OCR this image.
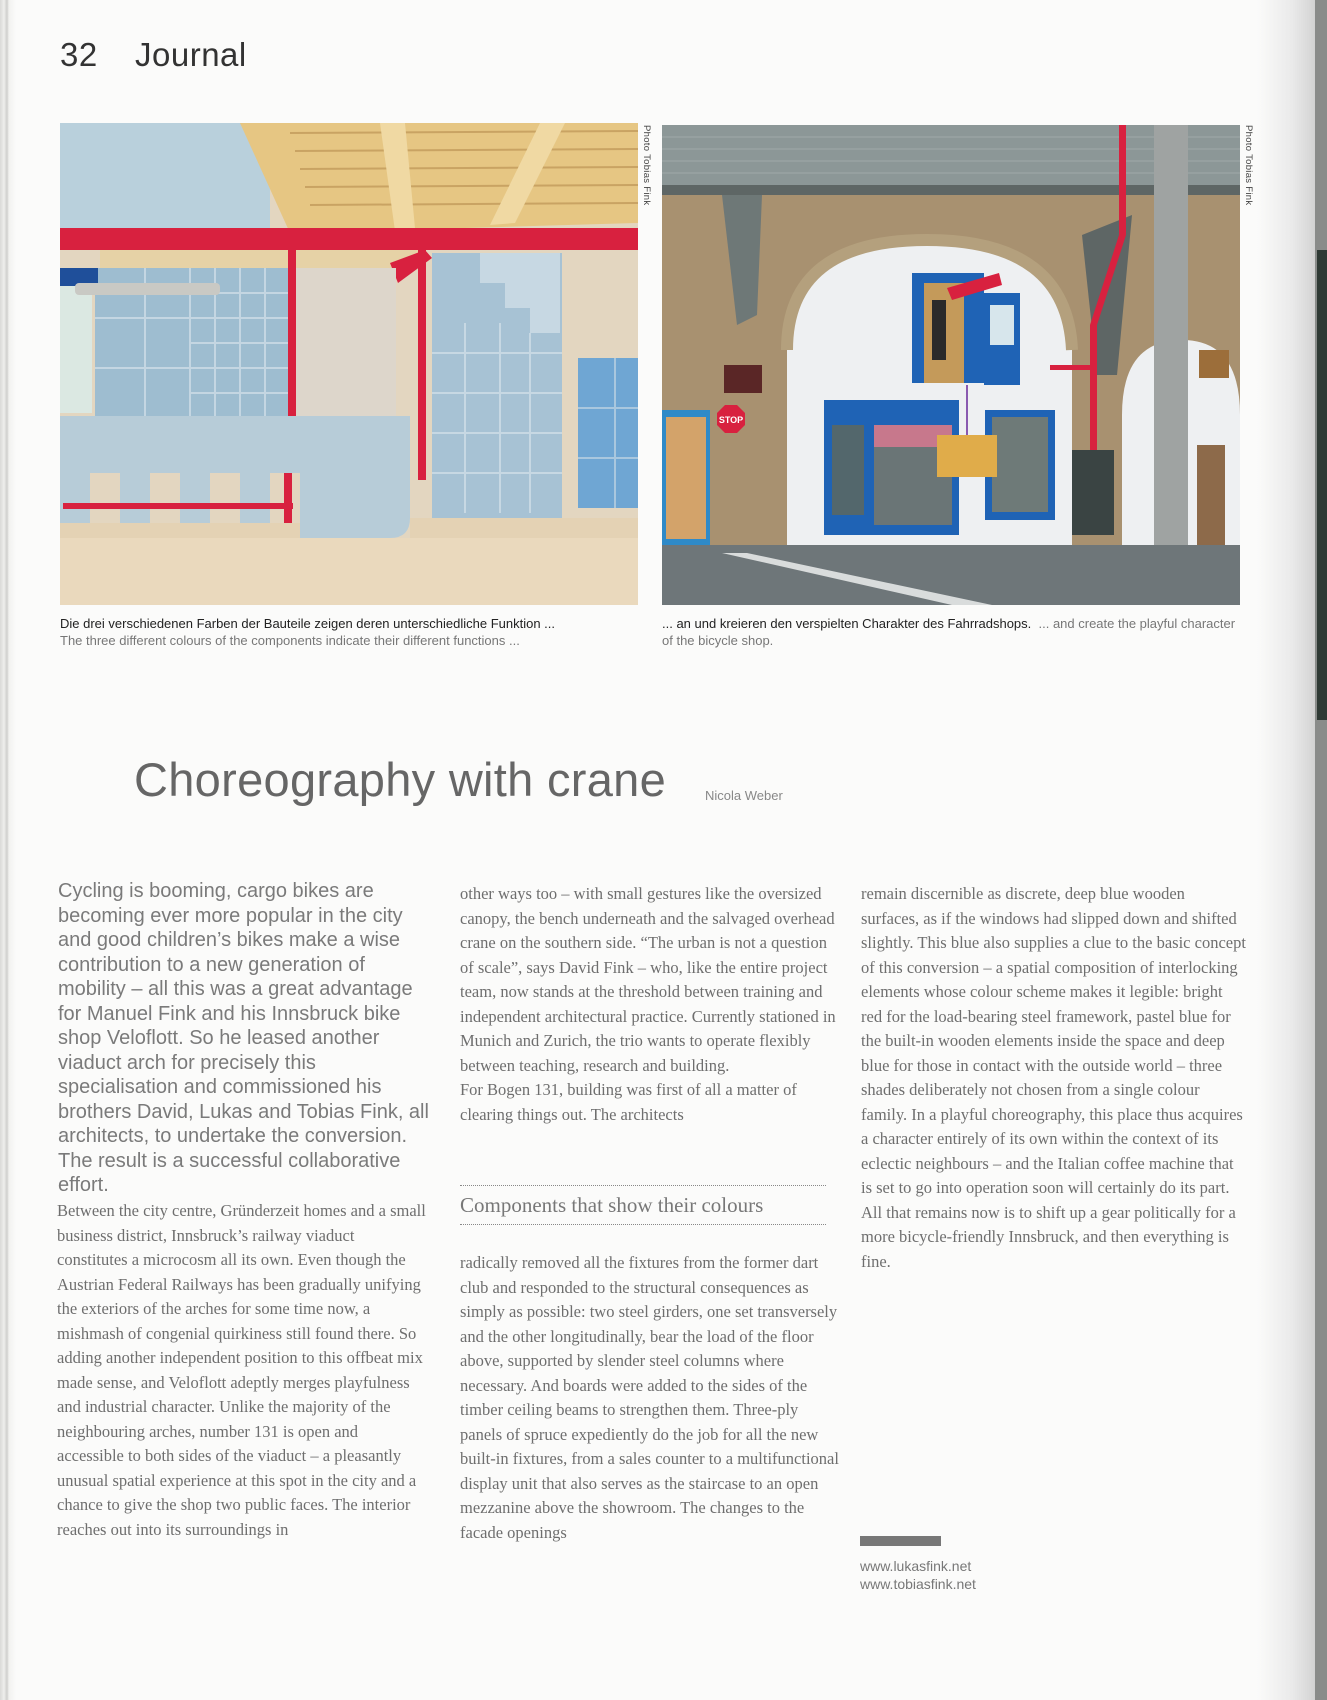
32 Journal
Photo Tobias Fink
STOP
Photo Tobias Fink
Die drei verschiedenen Farben der Bauteile zeigen deren unterschiedliche Funktion ...
The three different colours of the components indicate their different functions ...
... an und kreieren den verspielten Charakter des Fahrradshops. ... and create the playful character of the bicycle shop.
Choreography with crane	Nicola Weber
Cycling is booming, cargo bikes are becoming ever more popular in the city and good children’s bikes make a wise contribution to a new generation of mobility – all this was a great advantage for Manuel Fink and his Innsbruck bike shop Veloflott. So he leased another viaduct arch for precisely this specialisation and commissioned his brothers David, Lukas and Tobias Fink, all architects, to undertake the conversion. The result is a successful collaborative effort.

Between the city centre, Gründerzeit homes and a small business district, Innsbruck’s railway viaduct constitutes a microcosm all its own. Even though the Austrian Federal Railways has been gradually unifying the exteriors of the arches for some time now, a mishmash of congenial quirkiness still found there. So adding another independent position to this offbeat mix made sense, and Veloflott adeptly merges playfulness and industrial character. Unlike the majority of the neighbouring arches, number 131 is open and accessible to both sides of the viaduct – a pleasantly unusual spatial experience at this spot in the city and a chance to give the shop two public faces. The interior reaches out into its surroundings in

other ways too – with small gestures like the oversized canopy, the bench underneath and the salvaged overhead crane on the southern side. “The urban is not a question of scale”, says David Fink – who, like the entire project team, now stands at the threshold between training and independent architectural practice. Currently stationed in Munich and Zurich, the trio wants to operate flexibly between teaching, research and building.

For Bogen 131, building was first of all a matter of clearing things out. The architects

Components that show their colours

radically removed all the fixtures from the former dart club and responded to the structural consequences as simply as possible: two steel girders, one set transversely and the other longitudinally, bear the load of the floor above, supported by slender steel columns where necessary. And boards were added to the sides of the timber ceiling beams to strengthen them. Three-ply panels of spruce expediently do the job for all the new built-in fixtures, from a sales counter to a multifunctional display unit that also serves as the staircase to an open mezzanine above the showroom. The changes to the facade openings

remain discernible as discrete, deep blue wooden surfaces, as if the windows had slipped down and shifted slightly. This blue also supplies a clue to the basic concept of this conversion – a spatial composition of interlocking elements whose colour scheme makes it legible: bright red for the load-bearing steel framework, pastel blue for the built-in wooden elements inside the space and deep blue for those in contact with the outside world – three shades deliberately not chosen from a single colour family. In a playful choreography, this place thus acquires a character entirely of its own within the context of its eclectic neighbours – and the Italian coffee machine that is set to go into operation soon will certainly do its part. All that remains now is to shift up a gear politically for a more bicycle-friendly Innsbruck, and then everything is fine.

www.lukasfink.net
www.tobiasfink.net
